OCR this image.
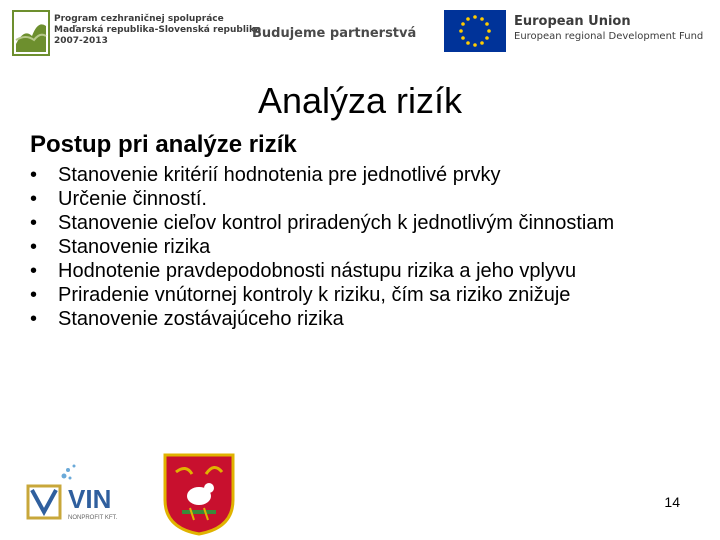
Program cezhraničnej spolupráce
Maďarská republika-Slovenská republika
2007-2013	Budujeme partnerstvá
European Union
European regional Development Fund
Analýza rizík
Postup pri analýze rizík
• Stanovenie kritérií hodnotenia pre jednotlivé prvky
• Určenie činností.
• Stanovenie cieľov kontrol priradených k jednotlivým činnostiam
• Stanovenie rizika
• Hodnotenie pravdepodobnosti nástupu rizika a jeho vplyvu
• Priradenie vnútornej kontroly k riziku, čím sa riziko znižuje
• Stanovenie zostávajúceho rizika
VIN
NONPROFIT KFT.
14
